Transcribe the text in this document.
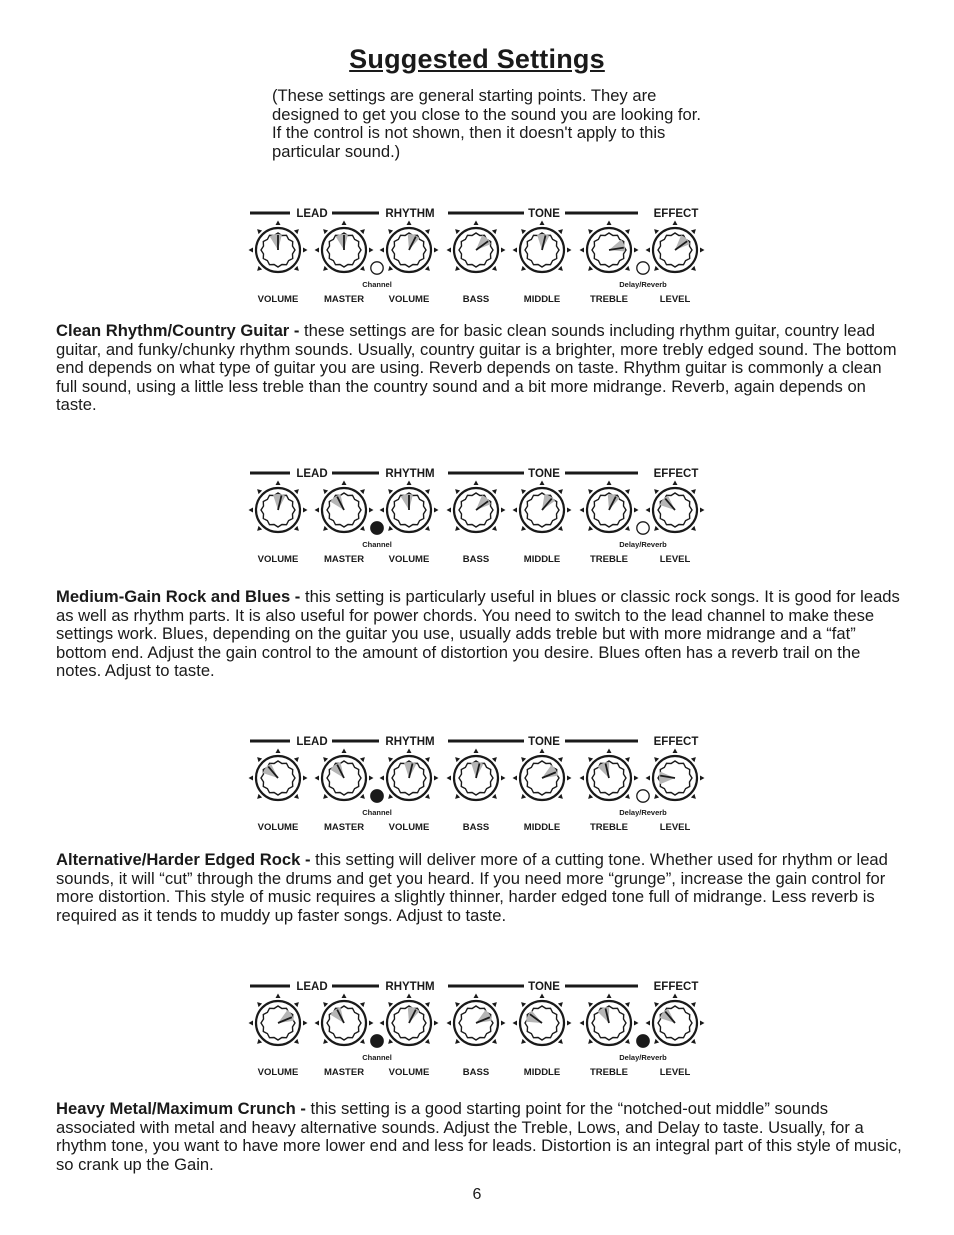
Suggested Settings
(These settings are general starting points. They are designed to get you close to the sound you are looking for. If the control is not shown, then it doesn't apply to this particular sound.)
LEAD	RHYTHM	TONE	EFFECT
VOLUME	MASTER	VOLUME	BASS	MIDDLE	TREBLE	LEVEL
Channel	Delay/Reverb
Clean Rhythm/Country Guitar - these settings are for basic clean sounds including rhythm guitar, country lead guitar, and funky/chunky rhythm sounds. Usually, country guitar is a brighter, more trebly edged sound. The bottom end depends on what type of guitar you are using. Reverb depends on taste. Rhythm guitar is commonly a clean full sound, using a little less treble than the country sound and a bit more midrange. Reverb, again depends on taste.
LEAD	RHYTHM	TONE	EFFECT
VOLUME	MASTER	VOLUME	BASS	MIDDLE	TREBLE	LEVEL
Channel	Delay/Reverb
Medium-Gain Rock and Blues - this setting is particularly useful in blues or classic rock songs. It is good for leads as well as rhythm parts. It is also useful for power chords. You need to switch to the lead channel to make these settings work. Blues, depending on the guitar you use, usually adds treble but with more midrange and a “fat” bottom end. Adjust the gain control to the amount of distortion you desire. Blues often has a reverb trail on the notes. Adjust to taste.
LEAD	RHYTHM	TONE	EFFECT
VOLUME	MASTER	VOLUME	BASS	MIDDLE	TREBLE	LEVEL
Channel	Delay/Reverb
Alternative/Harder Edged Rock - this setting will deliver more of a cutting tone. Whether used for rhythm or lead sounds, it will “cut” through the drums and get you heard. If you need more “grunge”, increase the gain control for more distortion. This style of music requires a slightly thinner, harder edged tone full of midrange. Less reverb is required as it tends to muddy up faster songs. Adjust to taste.
LEAD	RHYTHM	TONE	EFFECT
VOLUME	MASTER	VOLUME	BASS	MIDDLE	TREBLE	LEVEL
Channel	Delay/Reverb
Heavy Metal/Maximum Crunch - this setting is a good starting point for the “notched-out middle” sounds associated with metal and heavy alternative sounds. Adjust the Treble, Lows, and Delay to taste. Usually, for a rhythm tone, you want to have more lower end and less for leads. Distortion is an integral part of this style of music, so crank up the Gain.
6
